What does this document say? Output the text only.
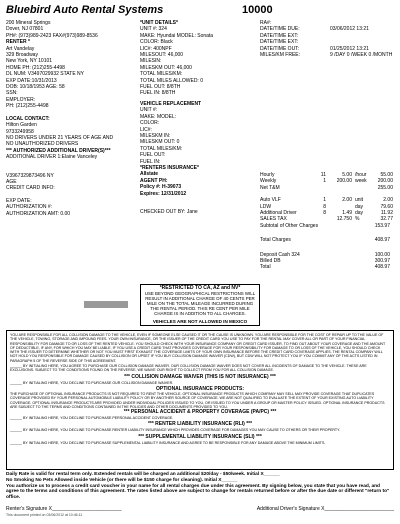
Bluebird Auto Rental Systems	10000
200 Mineral Springs
Dover, NJ 07801
PH#: (973)989-2423 FAX#(973)989-8536
RENTER *
Art Vandelay
329 Broadway
New York, NY 10101
HOME PH: (212)255-4498
DL NUM: V3497029932 STATE NY
EXP DATE:10/31/2013
DOB: 10/18/1953 AGE: 58
SSN:
EMPLOYER:
PH: (212)255-4498
LOCAL CONTACT:
Hilton Garden
9733249958
NO DRIVERS UNDER 21 YEARS OF AGE AND
NO UNAUTHORIZED DRIVERS
*** AUTHORIZED ADDITIONAL DRIVER(S)***
ADDITIONAL DRIVER 1:Elaine Vanceley
V3967329873496 NY
AGE
CREDIT CARD INFO:
EXP DATE:
AUTHORIZATION #:
AUTHORIZATION AMT: 0.00
*UNIT DETAILS*
UNIT #: 324
MAKE: Hyundai MODEL: Sonata
COLOR: Black
LIC#: 400NPF
MILESOUT: 46,000
MILESIN:
MILESKM OUT: 46,000
TOTAL MILES/KM:
TOTAL MILES ALLOWED: 0
FUEL OUT: 8/8TH
FUEL IN: 8/8TH
VEHICLE REPLACEMENT
UNIT #:
MAKE: MODEL:
COLOR:
LIC#:
MILESKM IN:
MILESKM OUT: 0
TOTAL MILES/KM:
FUEL OUT:
FUEL IN:
*RENTERS INSURANCE*
Allstate
AGENT PH:
Policy #: H-39073
Expires: 12/31/2012
CHECKED OUT BY: Jane
*RESTRICTED TO CA, AZ and NV*
USE BEYOND GEOGRAPHICAL RESTRICTIONS WILL RESULT IN ADDITIONAL CHARGE OF 40 CENTS PER MILE ON THE TOTAL MILEAGE INCURRED DURING THE RENTAL PERIOD. THIS RE CENT PER MILE CHARGE IS IN ADDITION TO ALL CHARGES.
VEHICLES ARE NOT ALLOWED IN MEXICO
RA#:
DATE/TIME DUE:	03/06/2012 13:21
DATE/TIME EXT:
DATE/TIME EXT:
DATE/TIME OUT:	01/25/2012 13:21
MILES/KM FREE:	9 /DAY 0 /WEEK 0 /MONTH
Hourly	11	5.00 /hour	55.00
Weekly	1	200.00 week	200.00
Net T&M	255.00
Auto VLF	1	2.00 unit	2.00
LDW	8	day	79.60
Additional Driver	8	1.49 day	11.92
SALES TAX	12.750 %	32.77
Subtotal of Other Charges	153.97
Total Charges	408.97
Deposit Cash 324	100.00
Billed DB	300.97
Total	408.97
YOU ARE RESPONSIBLE FOR ALL COLLISION DAMAGE TO THE VEHICLE, EVEN IF SOMEONE ELSE CAUSED IT OR THE CAUSE IS UNKNOWN. YOU ARE RESPONSIBLE FOR THE COST OF REPAIR UP TO THE VALUE OF THE VEHICLE, TOWING, STORAGE AND IMPOUND FEES. YOUR OWN INSURANCE, OR THE ISSUER OF THE CREDIT CARD YOU USE TO PAY FOR THE RENTAL MAY COVER ALL OR PART OF YOUR FINANCIAL RESPONSIBILITY FOR DAMAGE TO OR LOSS OF THE RENTED VEHICLE. YOU SHOULD CHECK WITH YOUR INSURANCE COMPANY OR CREDIT CARD ISSUER, TO FIND OUT ABOUT YOUR COVERAGE AND THE AMOUNT OF DEDUCTIBLE, IF ANY, FOR WHICH YOU MAY BE LIABLE. IF YOU USE A CREDIT CARD THAT PROVIDES COVERAGE FOR YOUR RESPONSIBILITY FOR DAMAGE TO OR LOSS OF THE VEHICLE, YOU SHOULD CHECK WITH THE ISSUER TO DETERMINE WHETHER OR NOT YOU MUST FIRST EXHAUST THE COVERAGE LIMITS OF YOUR OWN INSURANCE BEFORE THE CREDIT CARD COVERAGE APPLIES. THE RENTAL COMPANY WILL NOT HOLD YOU RESPONSIBLE FOR DAMAGE CAUSED BY COLLISION OR UPSET IF YOU BUY COLLISION DAMAGE WAIVER (CDW), BUT CDW WILL NOT PROTECT YOU IF YOU COMMIT ANY OF THE ACTS LISTED IN PARAGRAPH 5 OF THE REVERSE SIDE OF THIS AGREEMENT.
______ BY INITIALING HERE, YOU AGREE TO PURCHASE OUR COLLISION DAMAGE WAIVER. OUR COLLISION DAMAGE WAIVER DOES NOT COVER ALL INCIDENTS OF DAMAGE TO THE VEHICLE. THESE ARE EXCLUSIONS. SUBJECT TO THE CONDITIONS FOUND ON THE REVERSE, WE WAIVE OUR RIGHT TO COLLECT FROM YOU FOR ALL COLLISION DAMAGE.
*** COLLISION DAMAGE WAIVER (THIS IS NOT INSURANCE) ***
______ BY INITIALING HERE, YOU DECLINE TO PURCHASE OUR COLLISION DAMAGE WAIVER.
OPTIONAL INSURANCE PRODUCTS:
THE PURCHASE OF OPTIONAL INSURANCE PRODUCTS IS NOT REQUIRED TO RENT THE VEHICLE. OPTIONAL INSURANCE PRODUCTS WHICH COMPANY MAY SELL MAY PROVIDE COVERAGE THAT DUPLICATES COVERAGE PROVIDED BY YOUR PERSONAL AUTOMOBILE LIABILITY POLICY OR BY ANOTHER SOURCE OF COVERAGE. WE ARE NOT QUALIFIED TO EVALUATE THE EXTENT OF YOUR EXISTING AUTO LIABILITY COVERAGE. OPTIONAL INSURANCE PRODUCTS ARE PROVIDED UNDER INDIVIDUAL POLICIES ISSUED TO YOU, OR ISSUED TO YOU UNDER A GROUP OR MASTER POLICY ISSUED. OPTIONAL INSURANCE PRODUCTS ARE SUBJECT TO THE TERMS AND CONDITIONS CONTAINED IN THE POLICIES AND OTHER DOCUMENTS PROVIDED TO YOU.
*** PERSONAL ACCIDENT & PROPERTY COVERAGE (PA/PC) ***
______ BY INITIALING HERE, YOU DECLINE TO PURCHASE PERSONAL ACCIDENT COVERAGE.
*** RENTER LIABILITY INSURANCE (RLI) ***
______ BY INITIALING HERE, YOU DECLINE TO PURCHASE RENTER LIABILITY INSURANCE WHICH PROVIDES COVERAGE FOR DAMAGES YOU MAY CAUSE TO OTHERS OR THEIR PROPERTY.
*** SUPPLEMENTAL LIABILITY INSURANCE (SLI) ***
______ BY INITIALING HERE, YOU DECLINE TO PURCHASE SUPPLEMENTAL LIABILITY INSURANCE AND AGREE TO BE RESPONSIBLE FOR ANY DAMAGE ABOVE THE MINIMUM LIMITS.
Daily Rate is valid for rental term only. Extended rentals will be charged an additional $20/day - $50/week. Initial X______
No Smoking No Pets Allowed inside Vehicle (or there will be $150 charge for cleaning). Initial X______
You authorize us to process a credit card voucher in your name for all rental charges due under this agreement. By signing below, you state that you have read, and agree to the terms and conditions of this agreement. The rates listed above are subject to change for rentals returned before or after the due date or different "return to" office.
Renter's Signature X_________________________	Additional Driver's Signature X_________________________
This document printed on 03/06/2012 at 10:46:11
